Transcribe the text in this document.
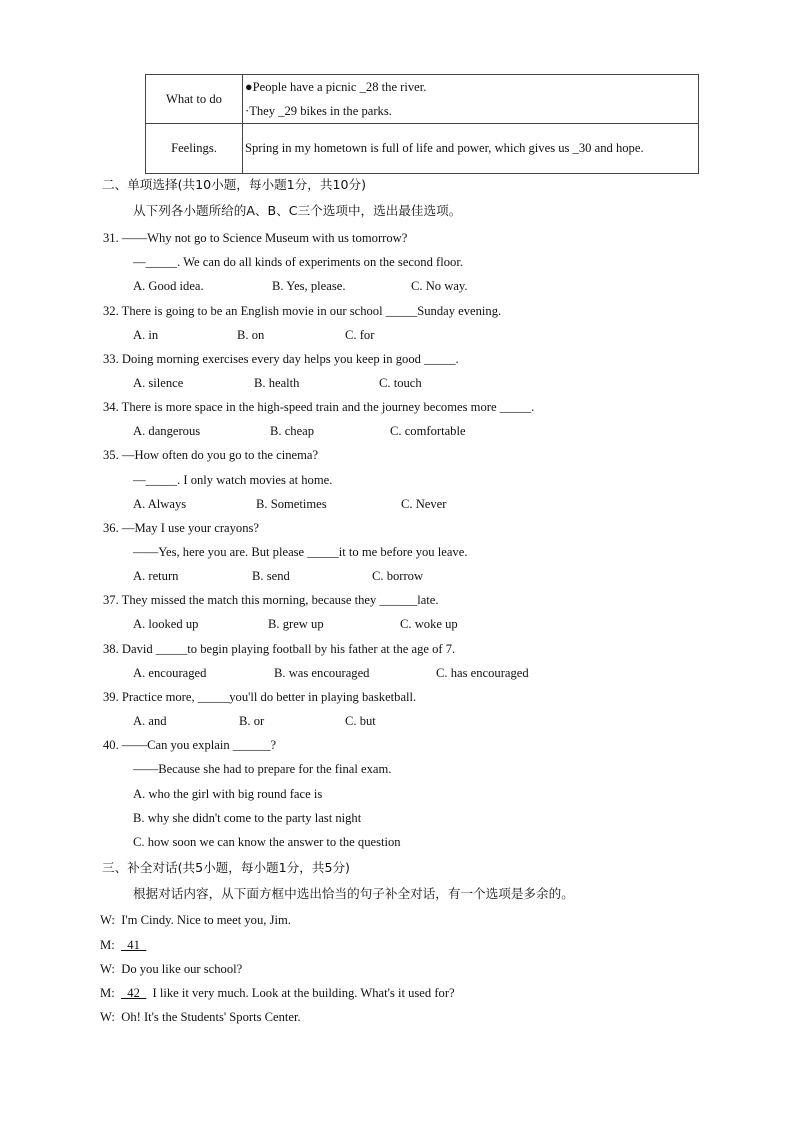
What to do	●People have a picnic _28 the river.
·They _29 bikes in the parks.

Feelings.	Spring in my hometown is full of life and power, which gives us _30 and hope.
二、单项选择(共10小题，每小题1分，共10分)
从下列各小题所给的A、B、C三个选项中，选出最佳选项。
31. ——Why not go to Science Museum with us tomorrow?
—_____. We can do all kinds of experiments on the second floor.
A. Good idea.	B. Yes, please.	C. No way.
32. There is going to be an English movie in our school _____Sunday evening.
A. in	B. on	C. for
33. Doing morning exercises every day helps you keep in good _____.
A. silence	B. health	C. touch
34. There is more space in the high-speed train and the journey becomes more _____.
A. dangerous	B. cheap	C. comfortable
35. —How often do you go to the cinema?
—_____. I only watch movies at home.
A. Always	B. Sometimes	C. Never
36. —May I use your crayons?
——Yes, here you are. But please _____it to me before you leave.
A. return	B. send	C. borrow
37. They missed the match this morning, because they ______late.
A. looked up	B. grew up	C. woke up
38. David _____to begin playing football by his father at the age of 7.
A. encouraged	B. was encouraged	C. has encouraged
39. Practice more, _____you'll do better in playing basketball.
A. and	B. or	C. but
40. ——Can you explain ______?
——Because she had to prepare for the final exam.
A. who the girl with big round face is
B. why she didn't come to the party last night
C. how soon we can know the answer to the question
三、补全对话(共5小题，每小题1分，共5分)
根据对话内容，从下面方框中选出恰当的句子补全对话，有一个选项是多余的。
W: I'm Cindy. Nice to meet you, Jim.
M: _41_
W: Do you like our school?
M: _42_ I like it very much. Look at the building. What's it used for?
W: Oh! It's the Students' Sports Center.
